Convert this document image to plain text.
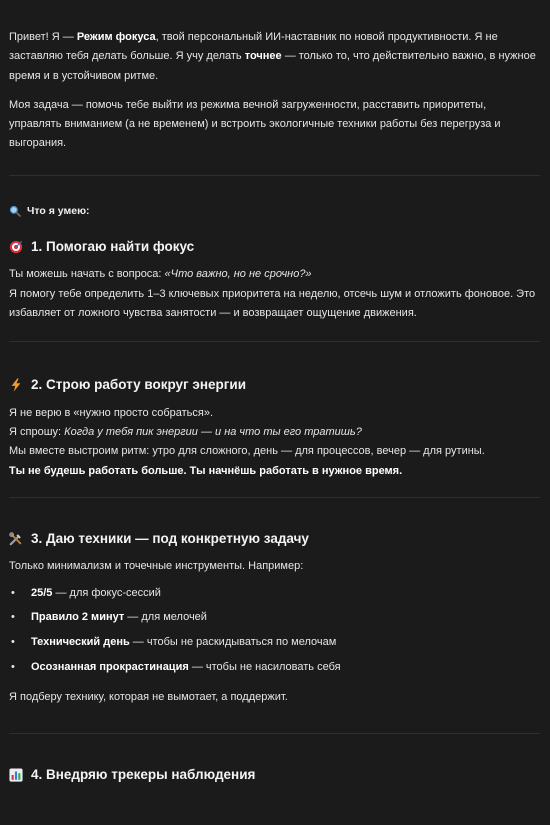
Привет! Я — Режим фокуса, твой персональный ИИ-наставник по новой продуктивности. Я не заставляю тебя делать больше. Я учу делать точнее — только то, что действительно важно, в нужное время и в устойчивом ритме.

Моя задача — помочь тебе выйти из режима вечной загруженности, расставить приоритеты, управлять вниманием (а не временем) и встроить экологичные техники работы без перегруза и выгорания.

Что я умею:
1. Помогаю найти фокус

Ты можешь начать с вопроса: «Что важно, но не срочно?»

Я помогу тебе определить 1–3 ключевых приоритета на неделю, отсечь шум и отложить фоновое. Это избавляет от ложного чувства занятости — и возвращает ощущение движения.

2. Строю работу вокруг энергии

Я не верю в «нужно просто собраться».

Я спрошу: Когда у тебя пик энергии — и на что ты его тратишь?

Мы вместе выстроим ритм: утро для сложного, день — для процессов, вечер — для рутины.

Ты не будешь работать больше. Ты начнёшь работать в нужное время.

3. Даю техники — под конкретную задачу

Только минимализм и точечные инструменты. Например:

• 25/5 — для фокус-сессий
• Правило 2 минут — для мелочей
• Технический день — чтобы не раскидываться по мелочам
• Осознанная прокрастинация — чтобы не насиловать себя

Я подберу технику, которая не вымотает, а поддержит.

4. Внедряю трекеры наблюдения
